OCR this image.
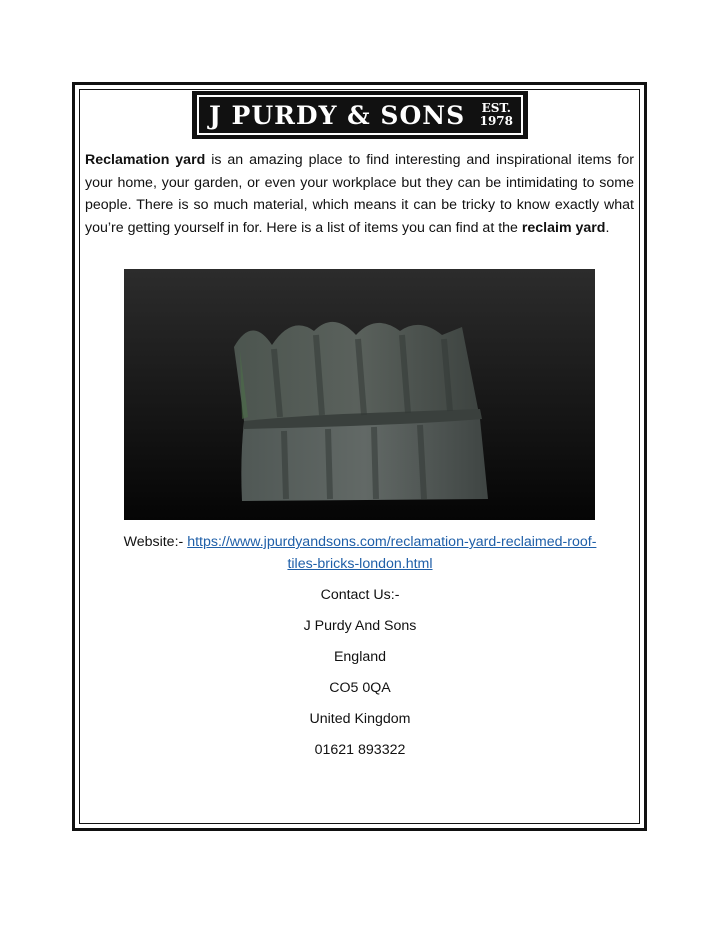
J PURDY & SONS EST.
1978

Reclamation yard is an amazing place to find interesting and inspirational items for your home, your garden, or even your workplace but they can be intimidating to some people. There is so much material, which means it can be tricky to know exactly what you’re getting yourself in for. Here is a list of items you can find at the reclaim yard.

Website:- https://www.jpurdyandsons.com/reclamation-yard-reclaimed-roof-
tiles-bricks-london.html
Contact Us:-
J Purdy And Sons
England
CO5 0QA
United Kingdom
01621 893322
